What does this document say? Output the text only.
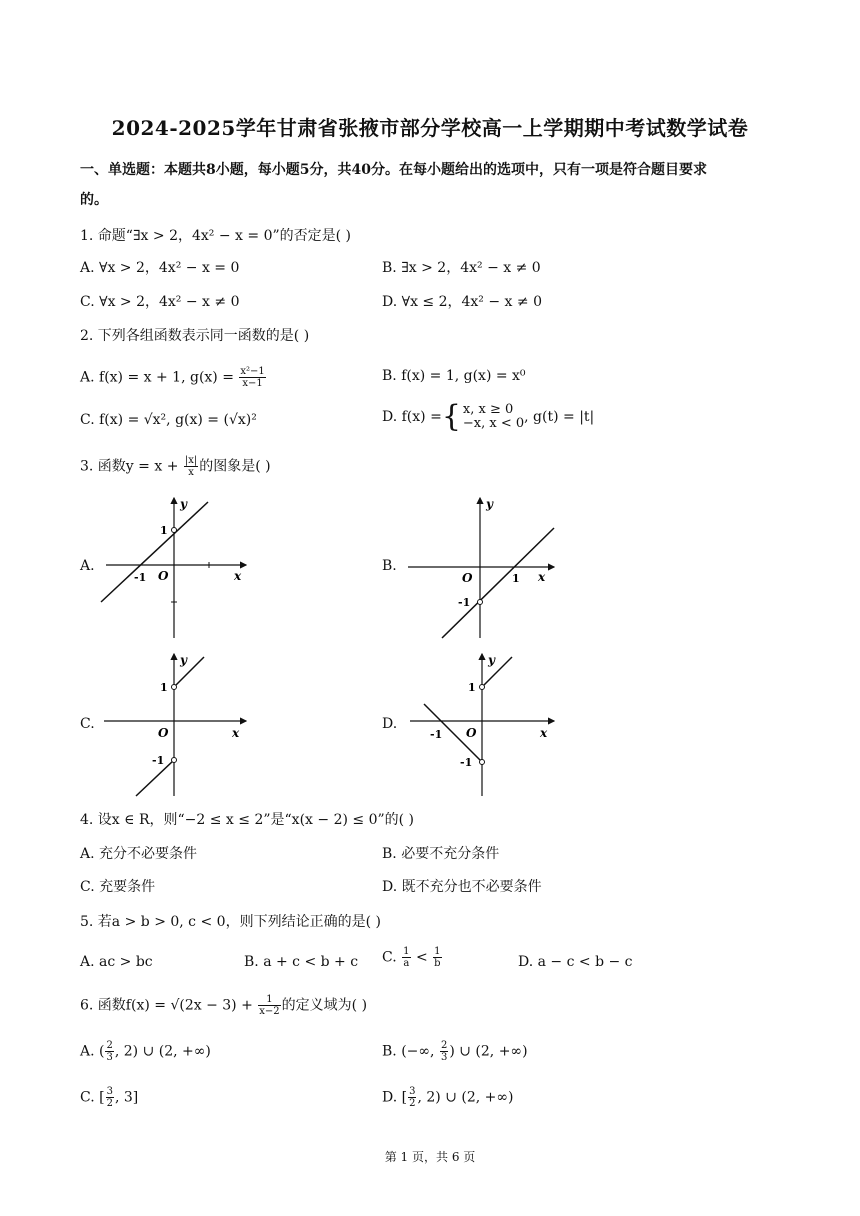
2024-2025学年甘肃省张掖市部分学校高一上学期期中考试数学试卷
一、单选题：本题共8小题，每小题5分，共40分。在每小题给出的选项中，只有一项是符合题目要求
的。
1. 命题“∃x > 2，4x² − x = 0”的否定是( )
A. ∀x > 2，4x² − x = 0	B. ∃x > 2，4x² − x ≠ 0
C. ∀x > 2，4x² − x ≠ 0	D. ∀x ≤ 2，4x² − x ≠ 0
2. 下列各组函数表示同一函数的是( )
A. f(x) = x + 1, $g(x) = \frac{\text{x²−1}}{x-1}$	B. f(x) = 1, g(x) = x⁰
C. f(x) = √x², g(x) = (√x)²	D. f(x) = { x, x ≥ 0
−x, x < 0 , g(t) = |t|
3. 函数$y = x + \frac{|x|}{x}$ 的图象是( )
A.	B.
C.	D.
1
-1 O	x
y
-1
1
O	x
y
1
-1
O	x
y
1
-1
-1
O	x
y
4. 设x ∈ R，则“−2 ≤ x ≤ 2”是“x(x − 2) ≤ 0”的( )
A. 充分不必要条件	B. 必要不充分条件
C. 充要条件	D. 既不充分也不必要条件
5. 若a > b > 0, c < 0，则下列结论正确的是( )
A. ac > bc	B. a + c < b + c C. $\frac{1}{a} < \frac{1}{b}$	D. a − c < b − c
6. 函数$f(x) = √(2x - 3) + \frac{1}{x-2}$ 的定义域为( )
A. ( $\frac{2}{3}$ , 2) ∪ (2, +∞)	B. (−∞, $\frac{2}{3}$ ) ∪ (2, +∞)
C. [ $\frac{3}{2}$ , 3]	D. [ $\frac{3}{2}$ , 2) ∪ (2, +∞)
第 1 页，共 6 页
